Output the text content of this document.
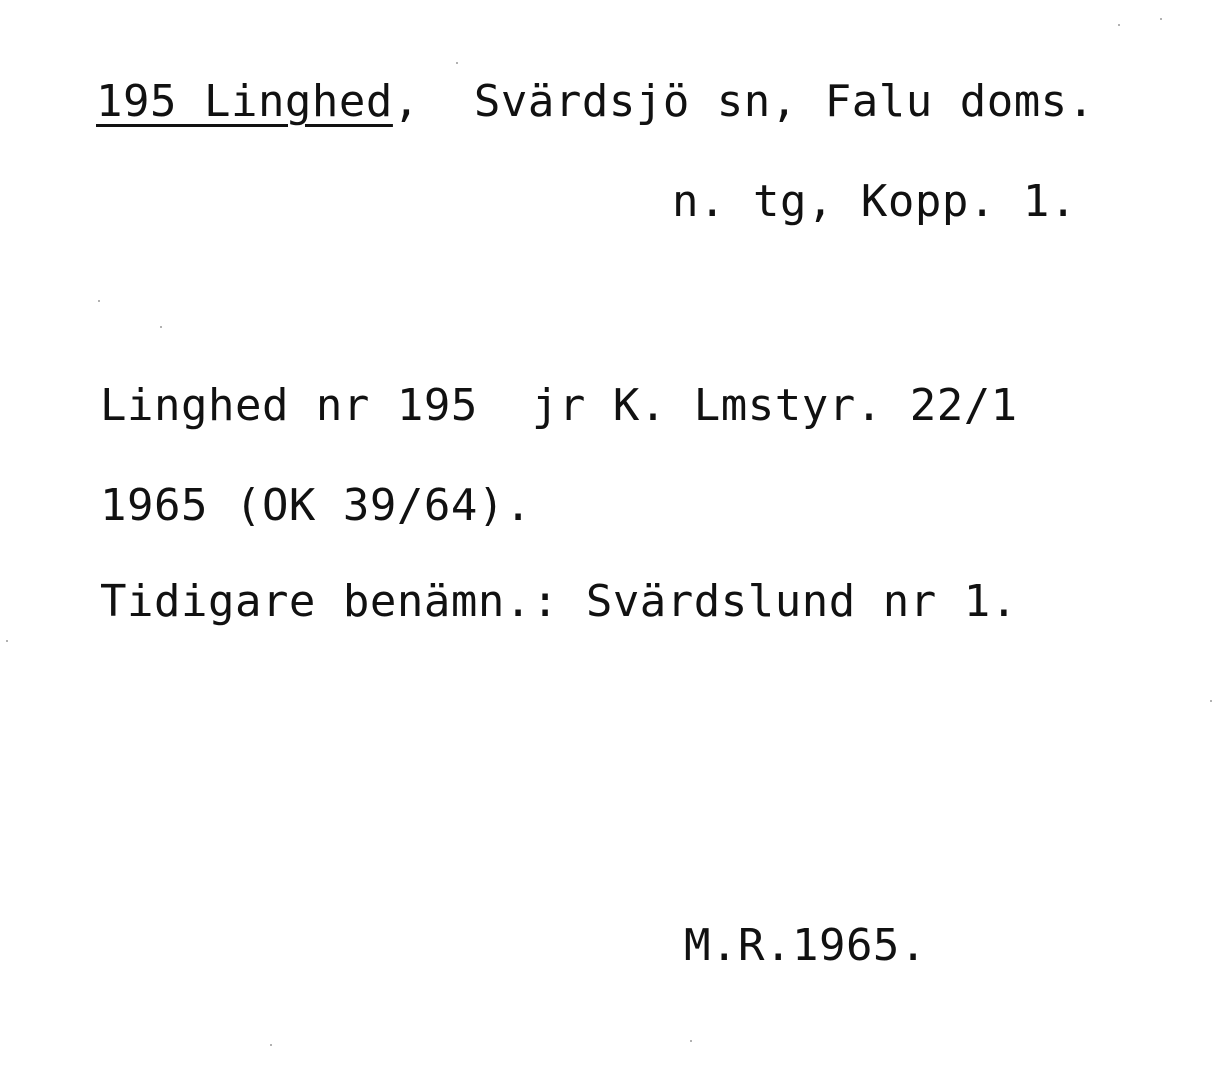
195 Linghed, Svärdsjö sn, Falu doms.
n. tg, Kopp. 1.
Linghed nr 195  jr K. Lmstyr. 22/1
1965 (OK 39/64).
Tidigare benämn.: Svärdslund nr 1.
M.R.1965.
